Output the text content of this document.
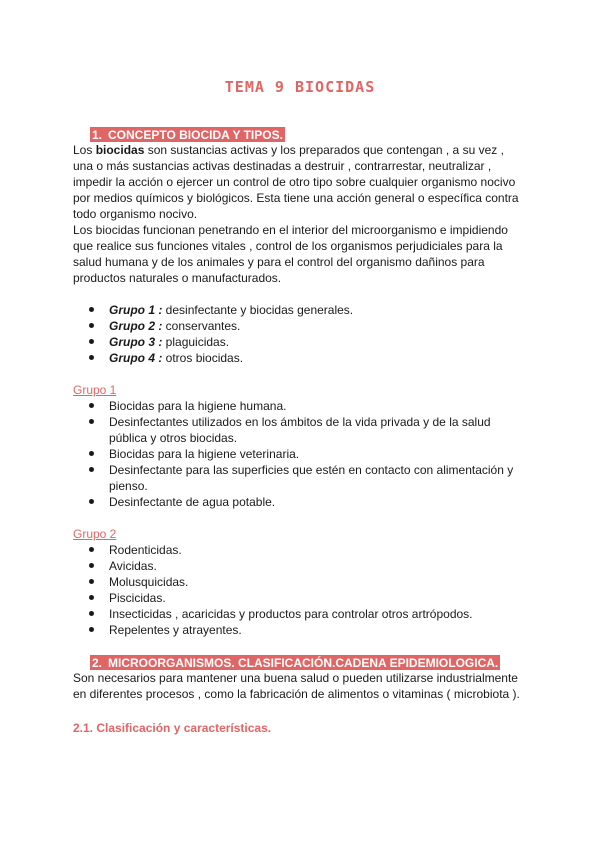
TEMA 9 BIOCIDAS
1. CONCEPTO BIOCIDA Y TIPOS.
Los biocidas son sustancias activas y los preparados que contengan , a su vez ,
una o más sustancias activas destinadas a destruir , contrarrestar, neutralizar ,
impedir la acción o ejercer un control de otro tipo sobre cualquier organismo nocivo
por medios químicos y biológicos. Esta tiene una acción general o específica contra
todo organismo nocivo.
Los biocidas funcionan penetrando en el interior del microorganismo e impidiendo
que realice sus funciones vitales , control de los organismos perjudiciales para la
salud humana y de los animales y para el control del organismo dañinos para
productos naturales o manufacturados.
Grupo 1 : desinfectante y biocidas generales.
Grupo 2 : conservantes.
Grupo 3 : plaguicidas.
Grupo 4 : otros biocidas.
Grupo 1
Biocidas para la higiene humana.
Desinfectantes utilizados en los ámbitos de la vida privada y de la salud
pública y otros biocidas.
Biocidas para la higiene veterinaria.
Desinfectante para las superficies que estén en contacto con alimentación y
pienso.
Desinfectante de agua potable.
Grupo 2
Rodenticidas.
Avicidas.
Molusquicidas.
Piscicidas.
Insecticidas , acaricidas y productos para controlar otros artrópodos.
Repelentes y atrayentes.
2. MICROORGANISMOS. CLASIFICACIÓN.CADENA EPIDEMIOLOGICA.
Son necesarios para mantener una buena salud o pueden utilizarse industrialmente
en diferentes procesos , como la fabricación de alimentos o vitaminas ( microbiota ).
2.1. Clasificación y características.
